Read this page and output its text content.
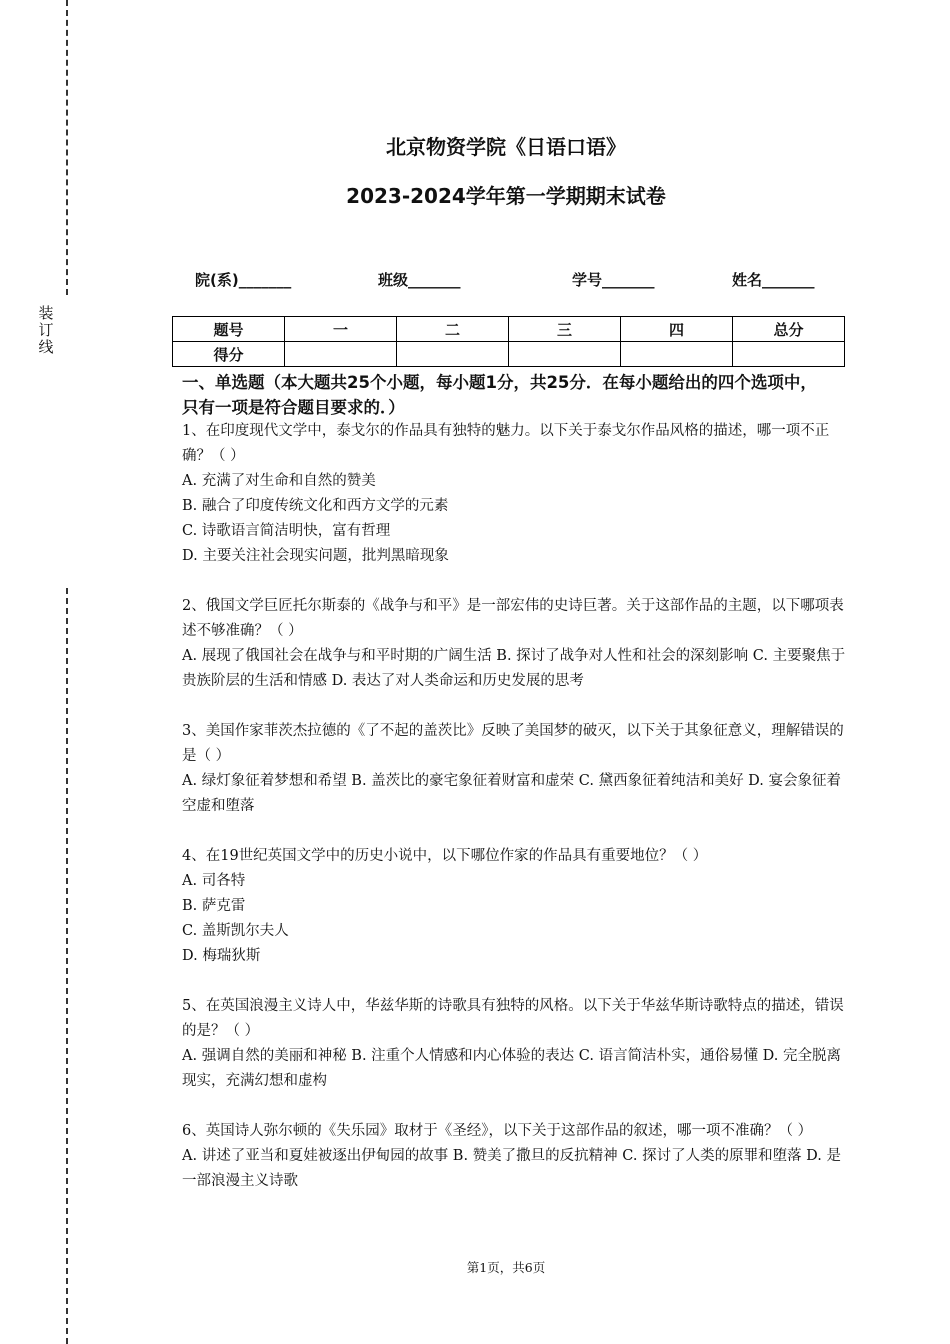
装订线
北京物资学院《日语口语》
2023-2024学年第一学期期末试卷
院(系)_______	班级_______	学号_______	姓名_______
题号	一	二	三	四	总分
得分					

一、单选题（本大题共25个小题，每小题1分，共25分．在每小题给出的四个选项中，只有一项是符合题目要求的．）

1、在印度现代文学中，泰戈尔的作品具有独特的魅力。以下关于泰戈尔作品风格的描述，哪一项不正确？（ ）

A. 充满了对生命和自然的赞美

B. 融合了印度传统文化和西方文学的元素

C. 诗歌语言简洁明快，富有哲理

D. 主要关注社会现实问题，批判黑暗现象

2、俄国文学巨匠托尔斯泰的《战争与和平》是一部宏伟的史诗巨著。关于这部作品的主题，以下哪项表述不够准确？（ ）

A. 展现了俄国社会在战争与和平时期的广阔生活 B. 探讨了战争对人性和社会的深刻影响 C. 主要聚焦于贵族阶层的生活和情感 D. 表达了对人类命运和历史发展的思考

3、美国作家菲茨杰拉德的《了不起的盖茨比》反映了美国梦的破灭，以下关于其象征意义，理解错误的是（ ）

A. 绿灯象征着梦想和希望 B. 盖茨比的豪宅象征着财富和虚荣 C. 黛西象征着纯洁和美好 D. 宴会象征着空虚和堕落

4、在19世纪英国文学中的历史小说中，以下哪位作家的作品具有重要地位？（ ）

A. 司各特

B. 萨克雷

C. 盖斯凯尔夫人

D. 梅瑞狄斯

5、在英国浪漫主义诗人中，华兹华斯的诗歌具有独特的风格。以下关于华兹华斯诗歌特点的描述，错误的是？（ ）

A. 强调自然的美丽和神秘 B. 注重个人情感和内心体验的表达 C. 语言简洁朴实，通俗易懂 D. 完全脱离现实，充满幻想和虚构

6、英国诗人弥尔顿的《失乐园》取材于《圣经》，以下关于这部作品的叙述，哪一项不准确？（ ）

A. 讲述了亚当和夏娃被逐出伊甸园的故事 B. 赞美了撒旦的反抗精神 C. 探讨了人类的原罪和堕落 D. 是一部浪漫主义诗歌

第1页，共6页
